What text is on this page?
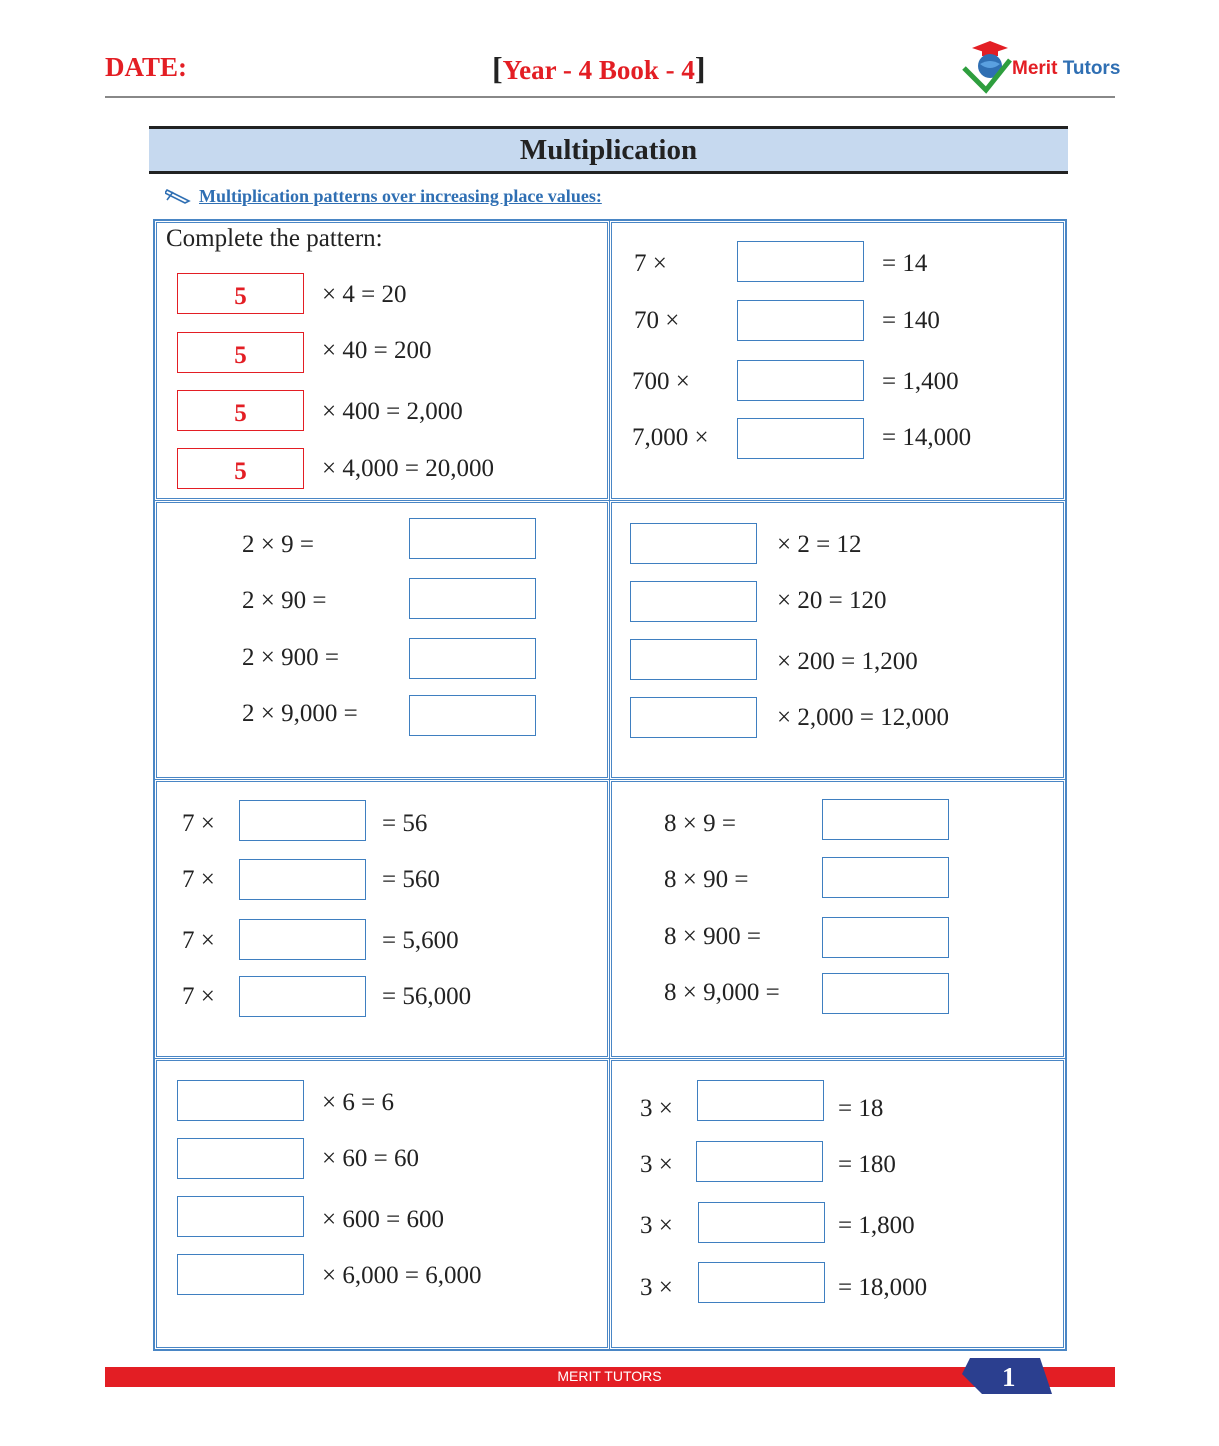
DATE:	[Year - 4 Book - 4]	Merit Tutors
Multiplication
Multiplication patterns over increasing place values:
Complete the pattern:
5	× 4 = 20
5	× 40 = 200
5	× 400 = 2,000
5	× 4,000 = 20,000
7 ×	= 14
70 ×	= 140
700 ×	= 1,400
7,000 ×	= 14,000
2 × 9 =
2 × 90 =
2 × 900 =
2 × 9,000 =
× 2 = 12
× 20 = 120
× 200 = 1,200
× 2,000 = 12,000
7 ×	= 56
7 ×	= 560
7 ×	= 5,600
7 ×	= 56,000
8 × 9 =
8 × 90 =
8 × 900 =
8 × 9,000 =
× 6 = 6
× 60 = 60
× 600 = 600
× 6,000 = 6,000
3 ×	= 18
3 ×	= 180
3 ×	= 1,800
3 ×	= 18,000
MERIT TUTORS	1
